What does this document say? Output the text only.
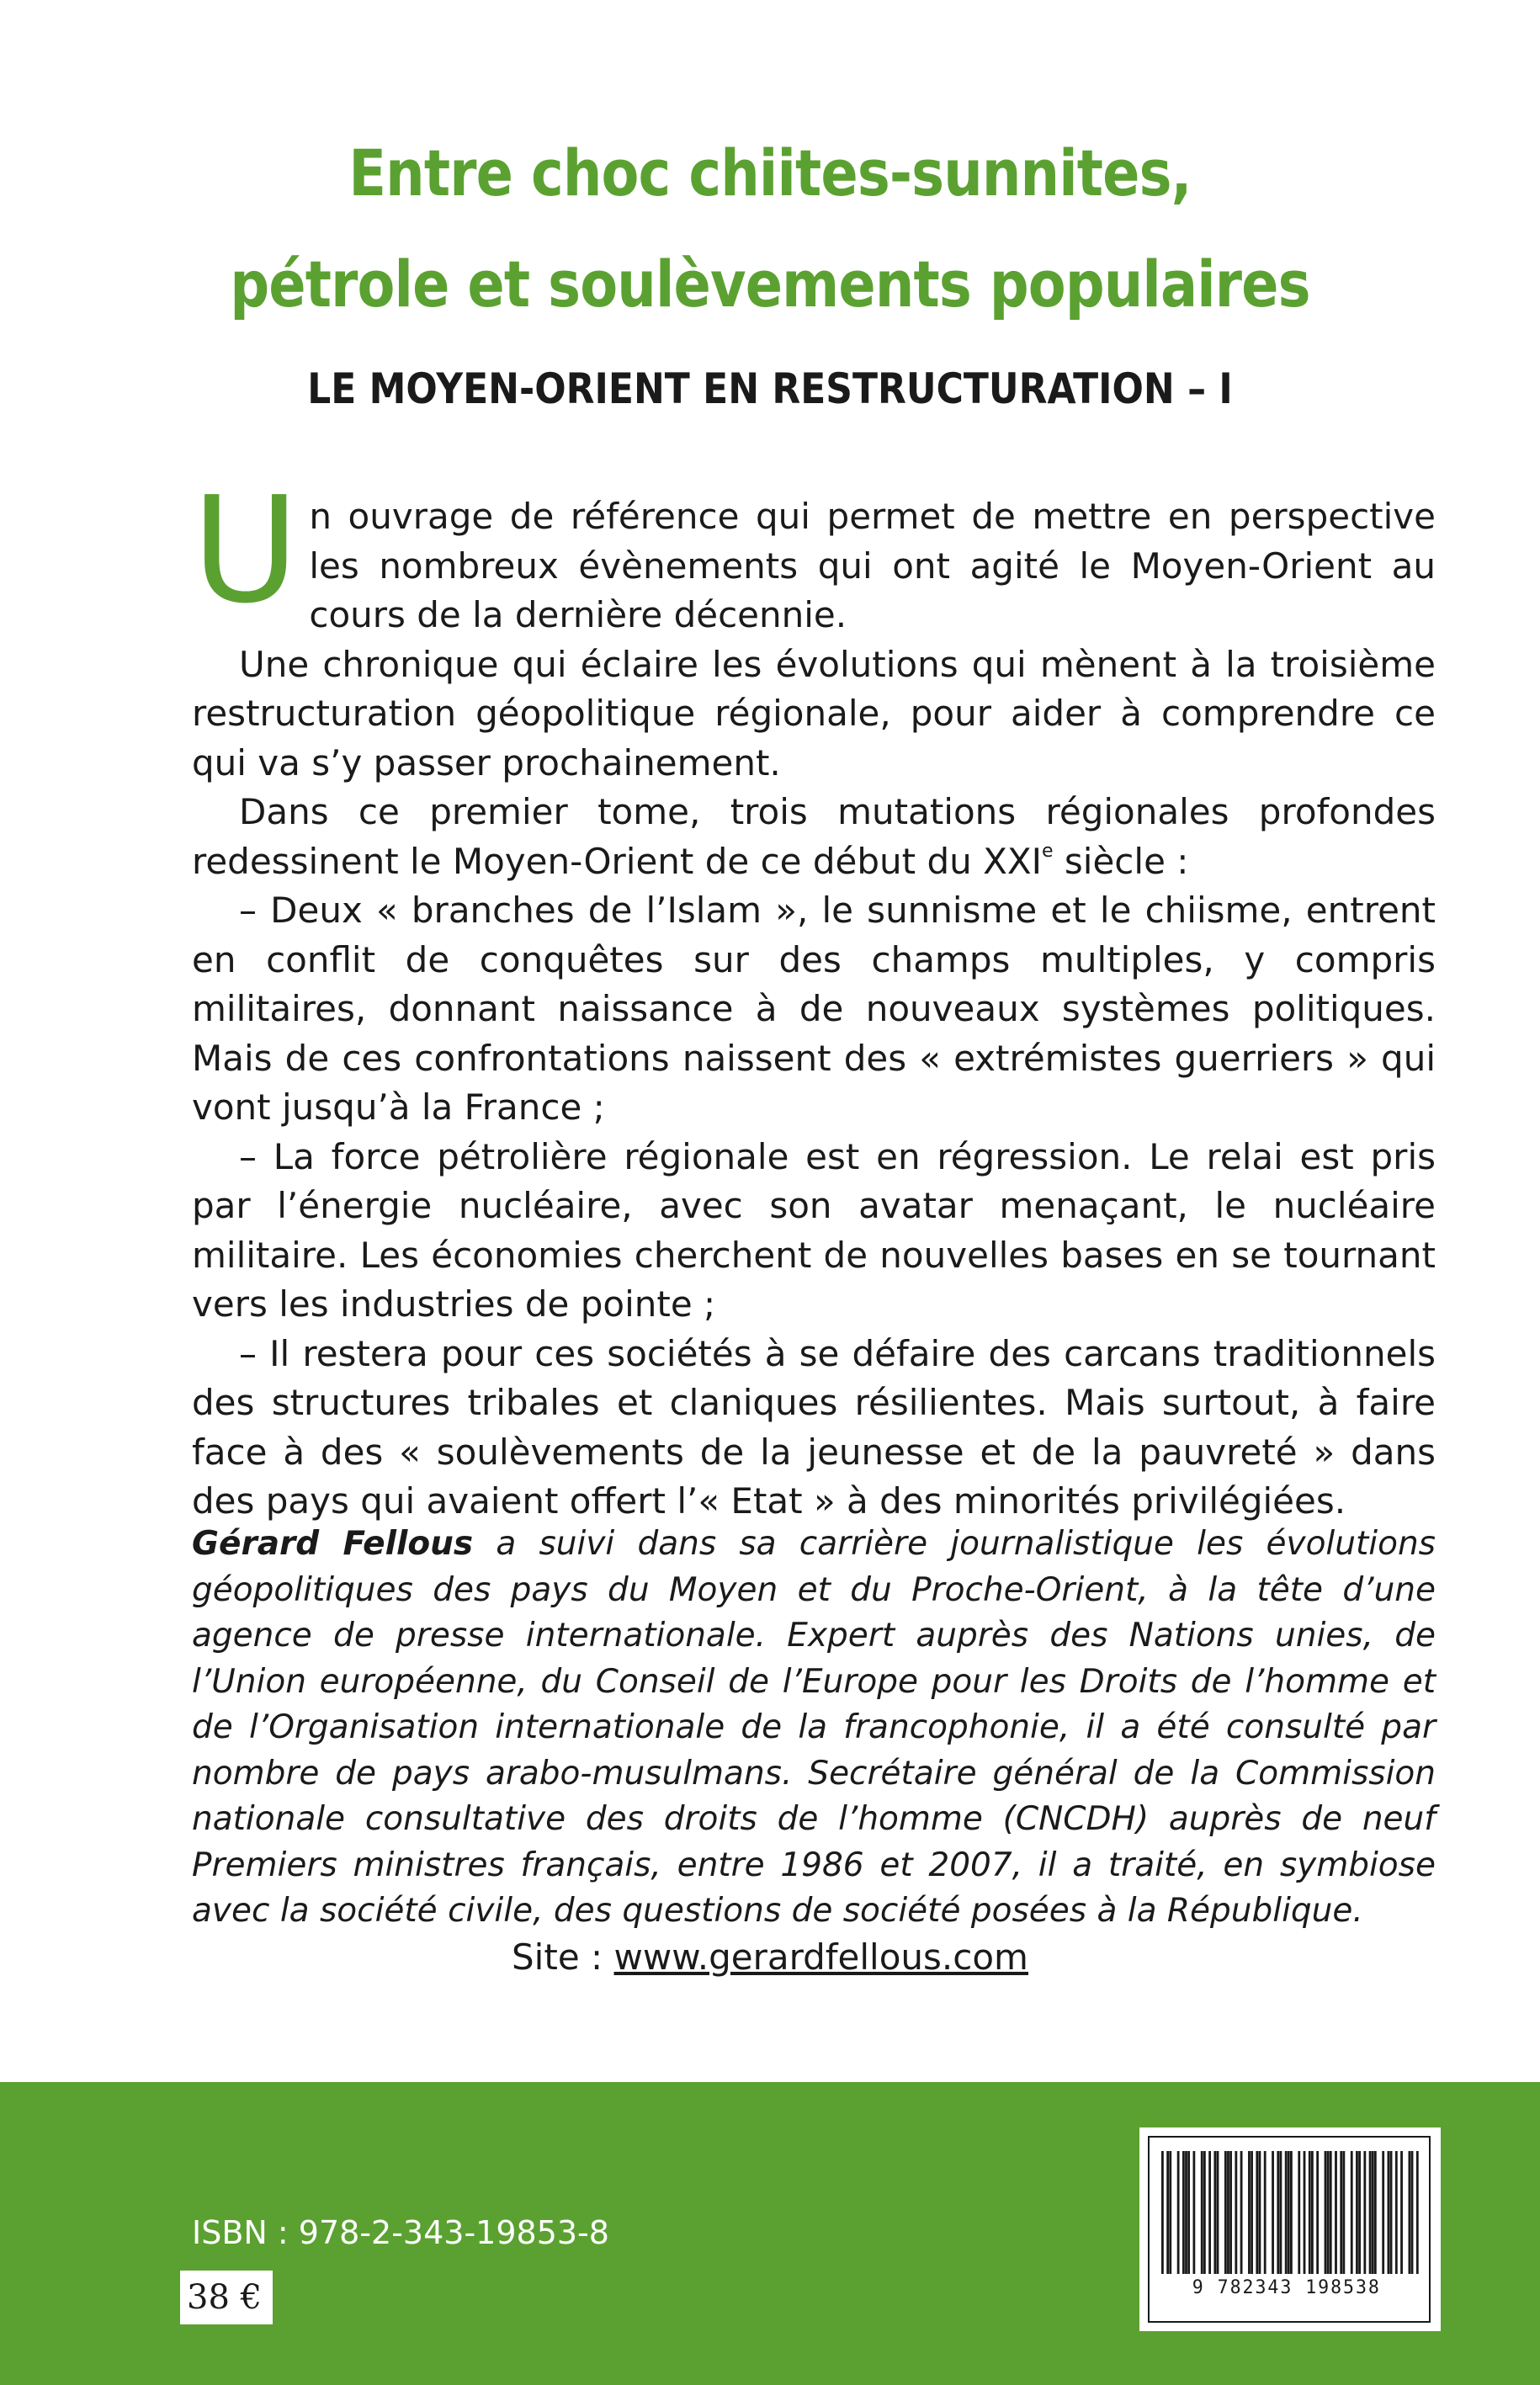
Entre choc chiites-sunnites,
pétrole et soulèvements populaires
LE MOYEN-ORIENT EN RESTRUCTURATION – I

Un ouvrage de référence qui permet de mettre en perspective les nombreux évènements qui ont agité le Moyen-Orient au cours de la dernière décennie.

Une chronique qui éclaire les évolutions qui mènent à la troisième restructuration géopolitique régionale, pour aider à comprendre ce qui va s’y passer prochainement.

Dans ce premier tome, trois mutations régionales profondes redessinent le Moyen-Orient de ce début du XXIe siècle :

– Deux « branches de l’Islam », le sunnisme et le chiisme, entrent en conflit de conquêtes sur des champs multiples, y compris militaires, donnant naissance à de nouveaux systèmes politiques. Mais de ces confrontations naissent des « extrémistes guerriers » qui vont jusqu’à la France ;

– La force pétrolière régionale est en régression. Le relai est pris par l’énergie nucléaire, avec son avatar menaçant, le nucléaire militaire. Les économies cherchent de nouvelles bases en se tournant vers les industries de pointe ;

– Il restera pour ces sociétés à se défaire des carcans traditionnels des structures tribales et claniques résilientes. Mais surtout, à faire face à des « soulèvements de la jeunesse et de la pauvreté » dans des pays qui avaient offert l’« Etat » à des minorités privilégiées.

Gérard Fellous a suivi dans sa carrière journalistique les évolutions géopolitiques des pays du Moyen et du Proche-Orient, à la tête d’une agence de presse internationale. Expert auprès des Nations unies, de l’Union européenne, du Conseil de l’Europe pour les Droits de l’homme et de l’Organisation internationale de la francophonie, il a été consulté par nombre de pays arabo-musulmans. Secrétaire général de la Commission nationale consultative des droits de l’homme (CNCDH) auprès de neuf Premiers ministres français, entre 1986 et 2007, il a traité, en symbiose avec la société civile, des questions de société posées à la République.
Site : www.gerardfellous.com
ISBN : 978-2-343-19853-8
38 €	9 782343 198538
